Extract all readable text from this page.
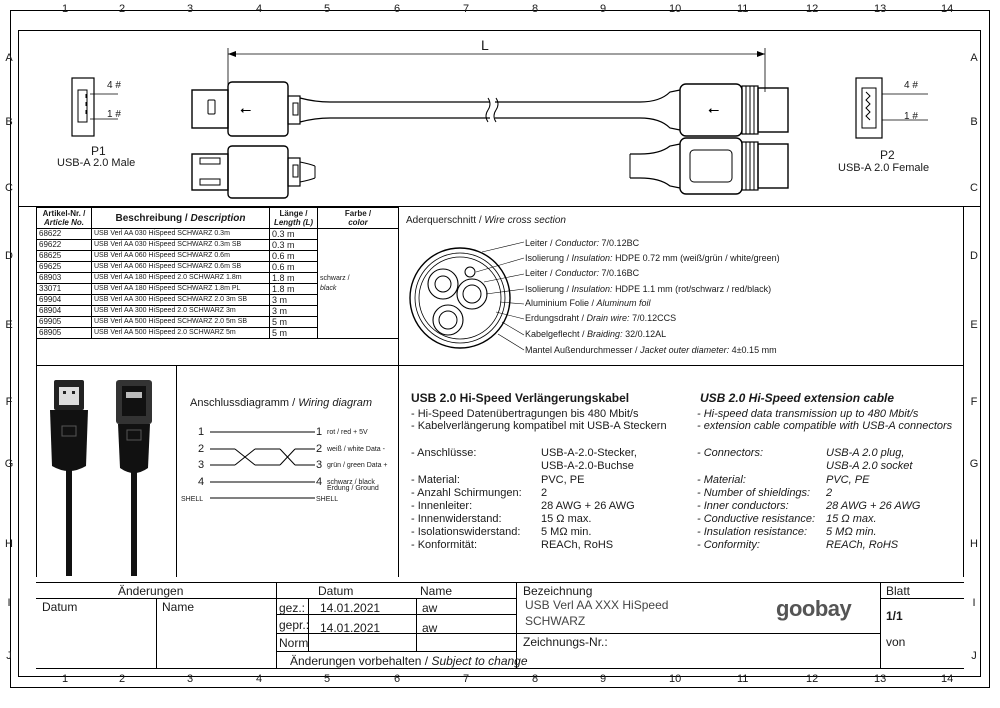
1	2	3	4	5	6	7	8	9	10	11	12	13	14
1	2	3	4	5	6	7	8	9	10	11	12	13	14
A
B
C
D
E
F
G
H
I
J
A
B
C
D
E
F
G
H
I
J
⭠	⭠
L
4 #
1 #
P1
USB-A 2.0 Male
4 #
1 #
P2
USB-A 2.0 Female
Artikel-Nr. /
Article No.	Beschreibung / Description	Länge /
Length (L)	Farbe /
color
68622	USB Verl AA 030 HiSpeed SCHWARZ 0.3m	0.3 m	schwarz /
black
69622	USB Verl AA 030 HiSpeed SCHWARZ 0.3m SB	0.3 m	
68625	USB Verl AA 060 HiSpeed SCHWARZ 0.6m	0.6 m	
69625	USB Verl AA 060 HiSpeed SCHWARZ 0.6m SB	0.6 m	
68903	USB Verl AA 180 HiSpeed 2.0 SCHWARZ 1.8m	1.8 m	
33071	USB Verl AA 180 HiSpeed SCHWARZ 1.8m PL	1.8 m	
69904	USB Verl AA 300 HiSpeed SCHWARZ 2.0 3m SB	3 m	
68904	USB Verl AA 300 HiSpeed 2.0 SCHWARZ 3m	3 m	
69905	USB Verl AA 500 HiSpeed SCHWARZ 2.0 5m SB	5 m	
68905	USB Verl AA 500 HiSpeed 2.0 SCHWARZ 5m	5 m	
Aderquerschnitt / Wire cross section
Leiter / Conductor: 7/0.12BC
Isolierung / Insulation: HDPE 0.72 mm (weiß/grün / white/green)
Leiter / Conductor: 7/0.16BC
Isolierung / Insulation: HDPE 1.1 mm (rot/schwarz / red/black)
Aluminium Folie / Aluminum foil
Erdungsdraht / Drain wire: 7/0.12CCS
Kabelgeflecht / Braiding: 32/0.12AL
Mantel Außendurchmesser / Jacket outer diameter: 4±0.15 mm
Anschlussdiagramm / Wiring diagram
1
2
3
4
1
2
3
4
rot / red + 5V
weiß / white Data -
grün / green Data +
schwarz / black
Erdung / Ground
SHELL	SHELL
USB 2.0 Hi-Speed Verlängerungskabel
- Hi-Speed Datenübertragungen bis 480 Mbit/s
- Kabelverlängerung kompatibel mit USB-A Steckern
- Anschlüsse:	USB-A-2.0-Stecker,
USB-A-2.0-Buchse
- Material:	PVC, PE
- Anzahl Schirmungen: 2
- Innenleiter:	28 AWG + 26 AWG
- Innenwiderstand:	15 Ω max.
- Isolationswiderstand: 5 MΩ min.
- Konformität:	REACh, RoHS
USB 2.0 Hi-Speed extension cable
- Hi-speed data transmission up to 480 Mbit/s
- extension cable compatible with USB-A connectors
- Connectors:	USB-A 2.0 plug,
USB-A 2.0 socket
- Material:	PVC, PE
- Number of shieldings: 2
- Inner conductors:	28 AWG + 26 AWG
- Conductive resistance: 15 Ω max.
- Insulation resistance: 5 MΩ min.
- Conformity:	REACh, RoHS
Änderungen
Datum	Name
Datum	Name
gez.: 14.01.2021	aw
gepr.: 14.01.2021	aw
Norm
Änderungen vorbehalten / Subject to change
Bezeichnung
USB Verl AA XXX HiSpeed
SCHWARZ
Zeichnungs-Nr.:
goobay
Blatt
1/1
von
